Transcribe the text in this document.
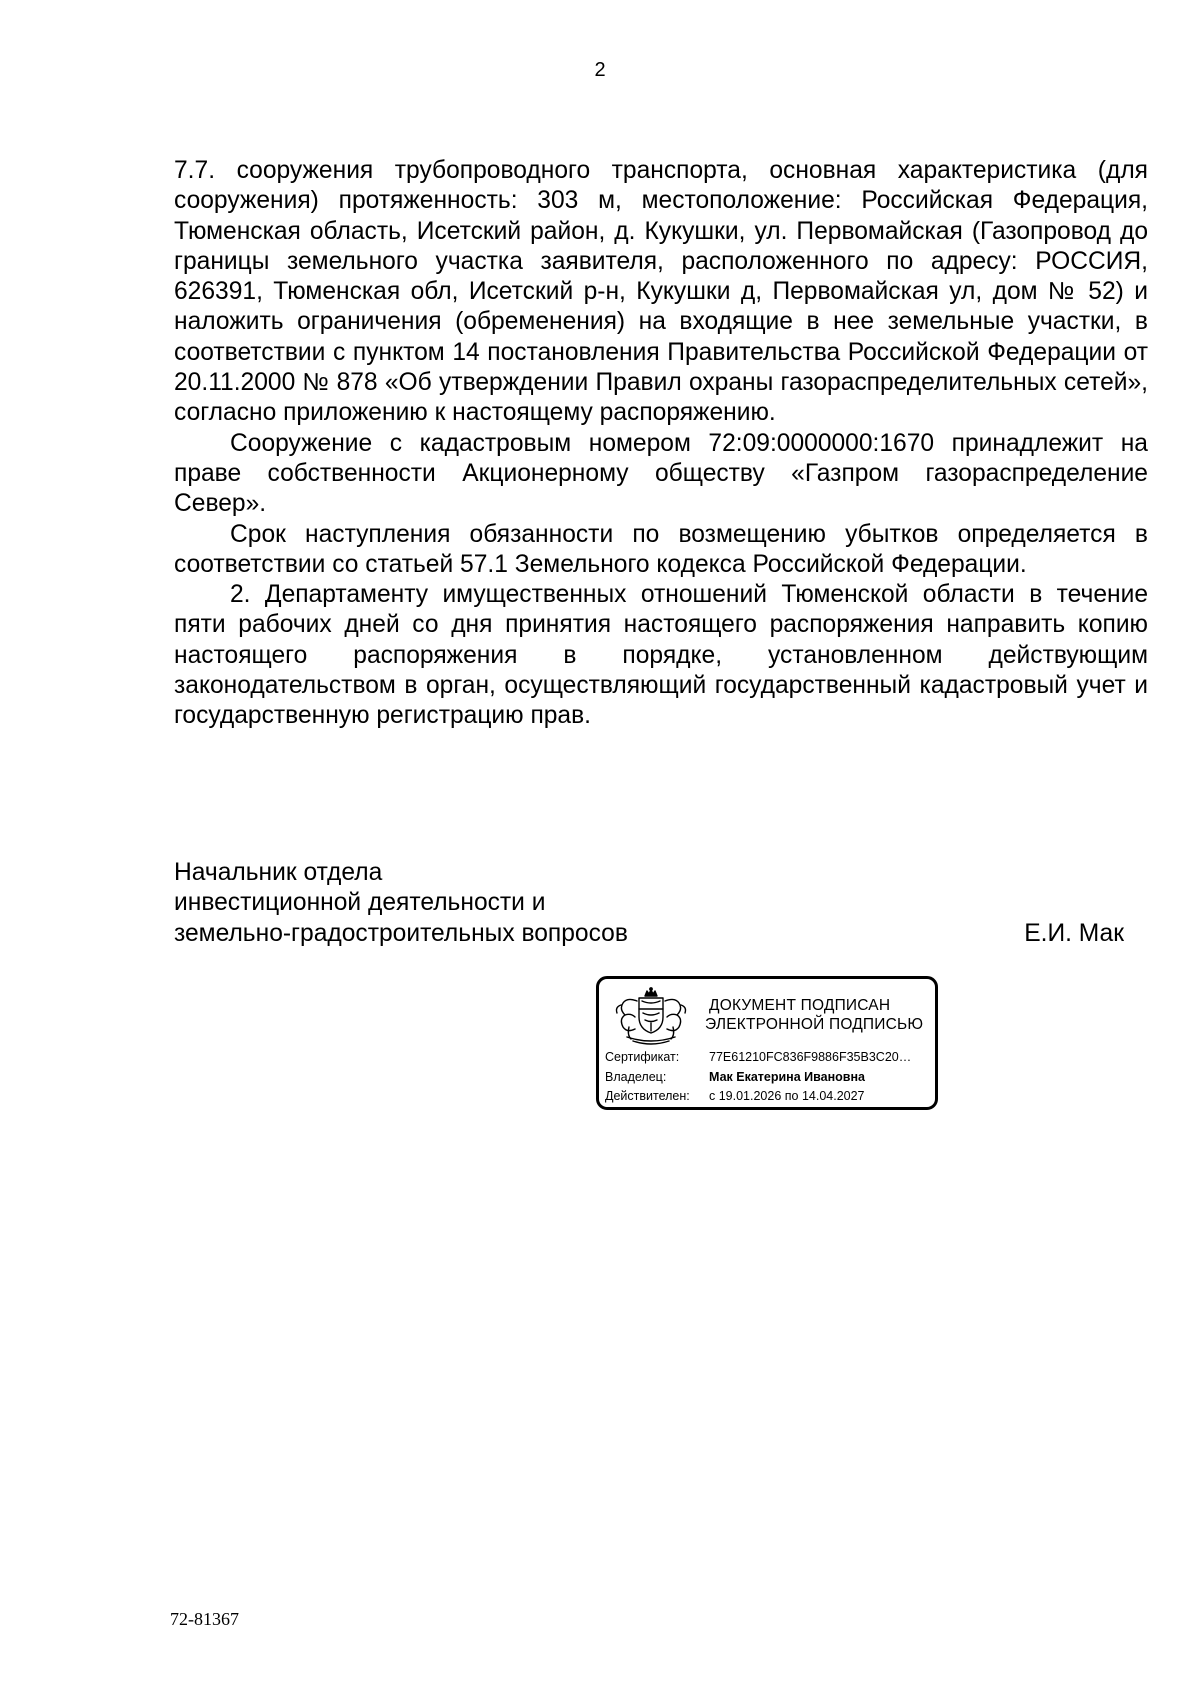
2

7.7. сооружения трубопроводного транспорта, основная характеристика (для сооружения) протяженность: 303 м, местоположение: Российская Федерация, Тюменская область, Исетский район, д. Кукушки, ул. Первомайская (Газопровод до границы земельного участка заявителя, расположенного по адресу: РОССИЯ, 626391, Тюменская обл, Исетский р-н, Кукушки д, Первомайская ул, дом № 52) и наложить ограничения (обременения) на входящие в нее земельные участки, в соответствии с пунктом 14 постановления Правительства Российской Федерации от 20.11.2000 № 878 «Об утверждении Правил охраны газораспределительных сетей», согласно приложению к настоящему распоряжению.

Сооружение с кадастровым номером 72:09:0000000:1670 принадлежит на праве собственности Акционерному обществу «Газпром газораспределение Север».

Срок наступления обязанности по возмещению убытков определяется в соответствии со статьей 57.1 Земельного кодекса Российской Федерации.

2. Департаменту имущественных отношений Тюменской области в течение пяти рабочих дней со дня принятия настоящего распоряжения направить копию настоящего распоряжения в порядке, установленном действующим законодательством в орган, осуществляющий государственный кадастровый учет и государственную регистрацию прав.

Начальник отдела
инвестиционной деятельности и
земельно-градостроительных вопросов	Е.И. Мак
ДОКУМЕНТ ПОДПИСАН
ЭЛЕКТРОННОЙ ПОДПИСЬЮ
Сертификат:	77E61210FC836F9886F35B3C20…
Владелец:	Мак Екатерина Ивановна
Действителен:	с 19.01.2026 по 14.04.2027
72-81367
